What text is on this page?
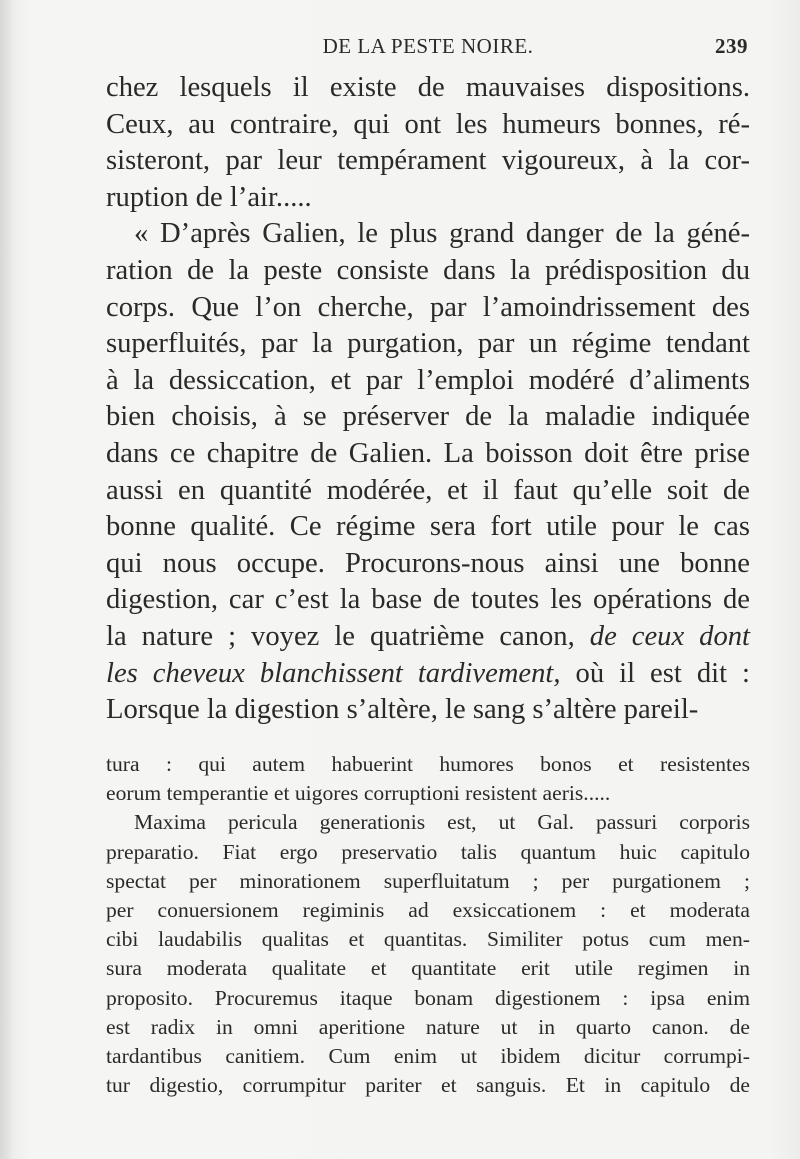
DE LA PESTE NOIRE.	239
chez lesquels il existe de mauvaises dispositions.
Ceux, au contraire, qui ont les humeurs bonnes, ré-
sisteront, par leur tempérament vigoureux, à la cor-
ruption de l’air.....
« D’après Galien, le plus grand danger de la géné-
ration de la peste consiste dans la prédisposition du
corps. Que l’on cherche, par l’amoindrissement des
superfluités, par la purgation, par un régime tendant
à la dessiccation, et par l’emploi modéré d’aliments
bien choisis, à se préserver de la maladie indiquée
dans ce chapitre de Galien. La boisson doit être prise
aussi en quantité modérée, et il faut qu’elle soit de
bonne qualité. Ce régime sera fort utile pour le cas
qui nous occupe. Procurons-nous ainsi une bonne
digestion, car c’est la base de toutes les opérations de
la nature ; voyez le quatrième canon, de ceux dont
les cheveux blanchissent tardivement, où il est dit :
Lorsque la digestion s’altère, le sang s’altère pareil-
tura : qui autem habuerint humores bonos et resistentes
eorum temperantie et uigores corruptioni resistent aeris.....
Maxima pericula generationis est, ut Gal. passuri corporis
preparatio. Fiat ergo preservatio talis quantum huic capitulo
spectat per minorationem superfluitatum ; per purgationem ;
per conuersionem regiminis ad exsiccationem : et moderata
cibi laudabilis qualitas et quantitas. Similiter potus cum men-
sura moderata qualitate et quantitate erit utile regimen in
proposito. Procuremus itaque bonam digestionem : ipsa enim
est radix in omni aperitione nature ut in quarto canon. de
tardantibus canitiem. Cum enim ut ibidem dicitur corrumpi-
tur digestio, corrumpitur pariter et sanguis. Et in capitulo de
